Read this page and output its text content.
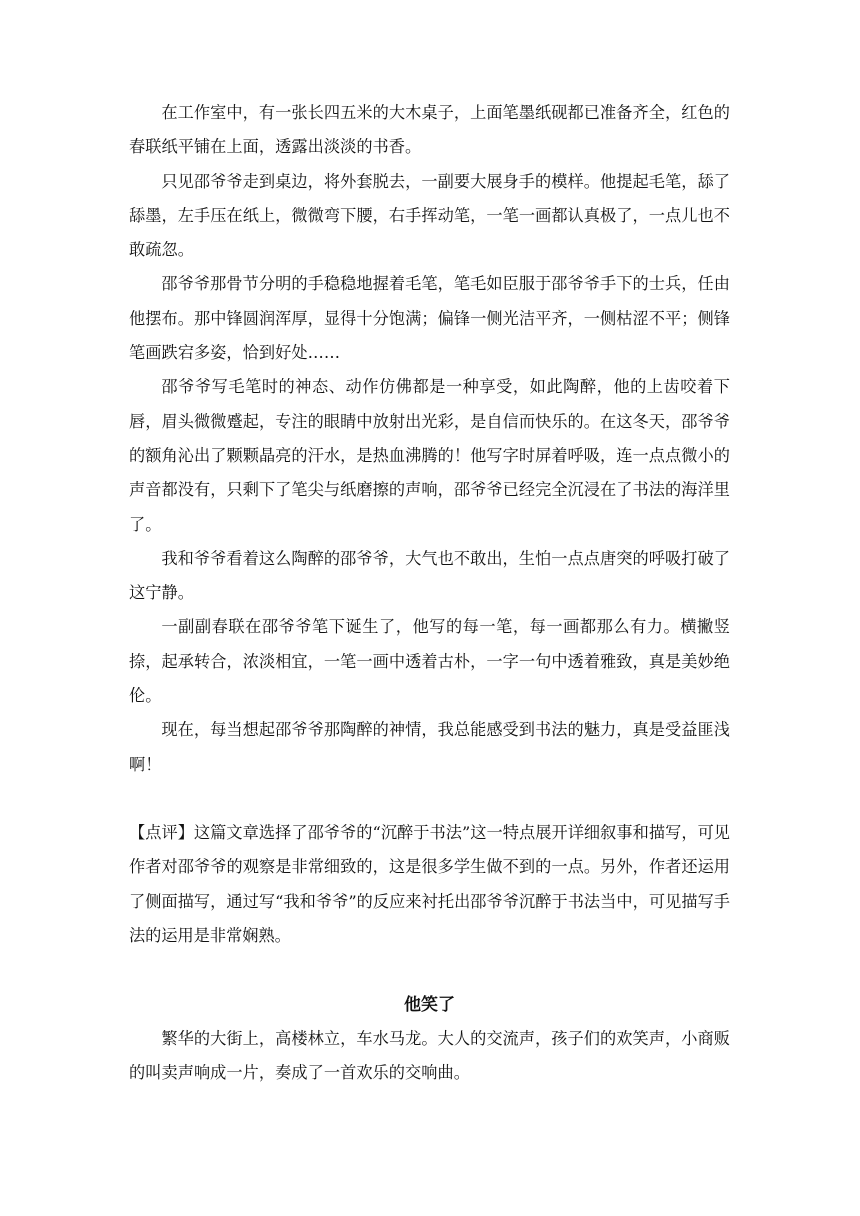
在工作室中，有一张长四五米的大木桌子，上面笔墨纸砚都已准备齐全，红色的春联纸平铺在上面，透露出淡淡的书香。

只见邵爷爷走到桌边，将外套脱去，一副要大展身手的模样。他提起毛笔，舔了舔墨，左手压在纸上，微微弯下腰，右手挥动笔，一笔一画都认真极了，一点儿也不敢疏忽。

邵爷爷那骨节分明的手稳稳地握着毛笔，笔毛如臣服于邵爷爷手下的士兵，任由他摆布。那中锋圆润浑厚，显得十分饱满；偏锋一侧光洁平齐，一侧枯涩不平；侧锋笔画跌宕多姿，恰到好处……

邵爷爷写毛笔时的神态、动作仿佛都是一种享受，如此陶醉，他的上齿咬着下唇，眉头微微蹙起，专注的眼睛中放射出光彩，是自信而快乐的。在这冬天，邵爷爷的额角沁出了颗颗晶亮的汗水，是热血沸腾的！他写字时屏着呼吸，连一点点微小的声音都没有，只剩下了笔尖与纸磨擦的声响，邵爷爷已经完全沉浸在了书法的海洋里了。

我和爷爷看着这么陶醉的邵爷爷，大气也不敢出，生怕一点点唐突的呼吸打破了这宁静。

一副副春联在邵爷爷笔下诞生了，他写的每一笔，每一画都那么有力。横撇竖捺，起承转合，浓淡相宜，一笔一画中透着古朴，一字一句中透着雅致，真是美妙绝伦。

现在，每当想起邵爷爷那陶醉的神情，我总能感受到书法的魅力，真是受益匪浅啊！

【点评】这篇文章选择了邵爷爷的“沉醉于书法”这一特点展开详细叙事和描写，可见作者对邵爷爷的观察是非常细致的，这是很多学生做不到的一点。另外，作者还运用了侧面描写，通过写“我和爷爷”的反应来衬托出邵爷爷沉醉于书法当中，可见描写手法的运用是非常娴熟。

他笑了

繁华的大街上，高楼林立，车水马龙。大人的交流声，孩子们的欢笑声，小商贩的叫卖声响成一片，奏成了一首欢乐的交响曲。
